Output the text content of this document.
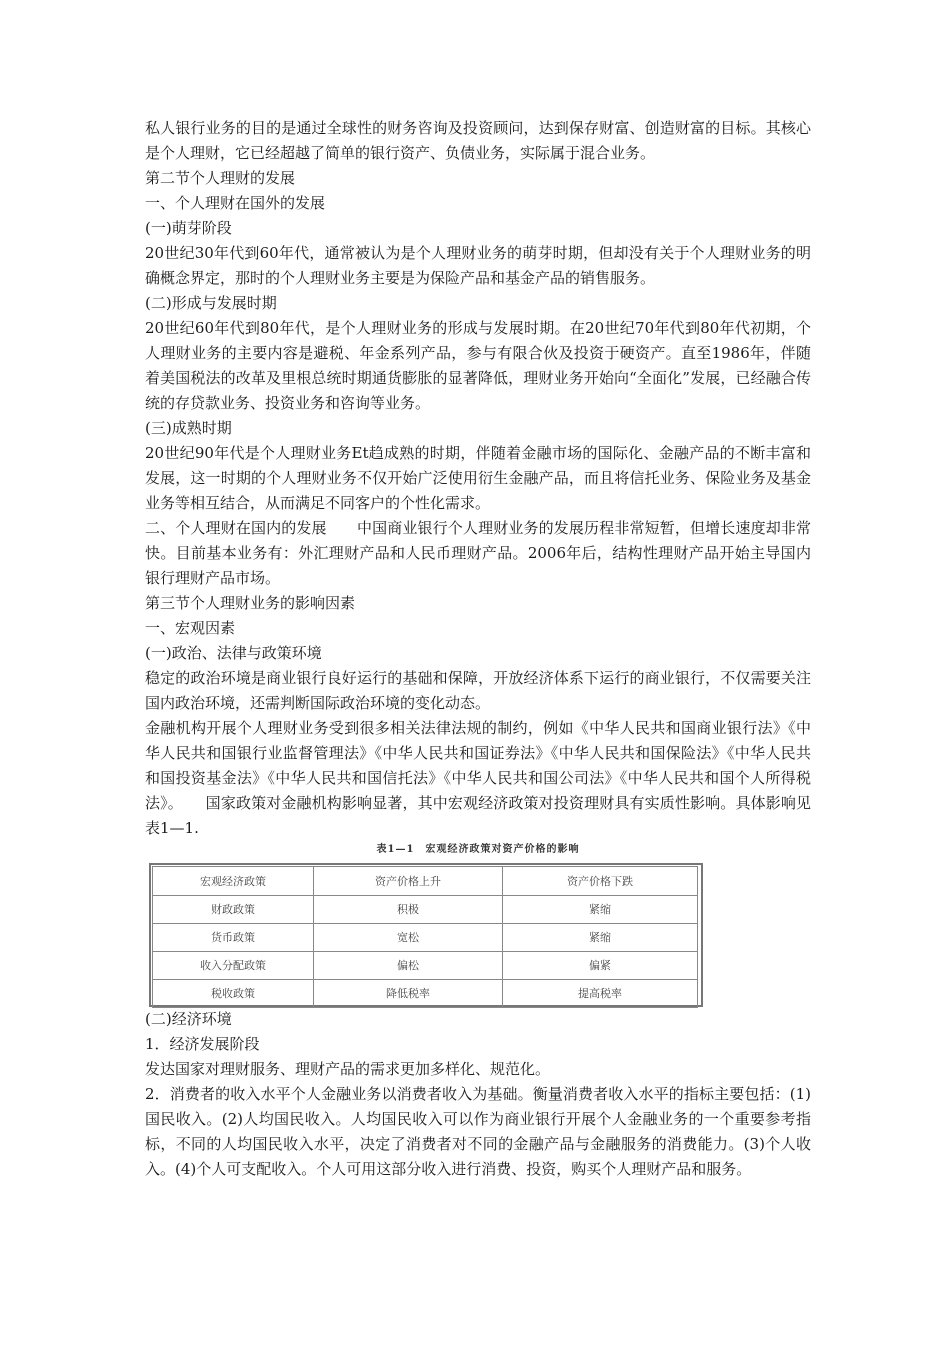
私人银行业务的目的是通过全球性的财务咨询及投资顾问，达到保存财富、创造财富的目标。其核心是个人理财，它已经超越了简单的银行资产、负债业务，实际属于混合业务。

第二节个人理财的发展

一、个人理财在国外的发展

(一)萌芽阶段

20世纪30年代到60年代，通常被认为是个人理财业务的萌芽时期，但却没有关于个人理财业务的明确概念界定，那时的个人理财业务主要是为保险产品和基金产品的销售服务。

(二)形成与发展时期

20世纪60年代到80年代，是个人理财业务的形成与发展时期。在20世纪70年代到80年代初期，个人理财业务的主要内容是避税、年金系列产品，参与有限合伙及投资于硬资产。直至1986年，伴随着美国税法的改革及里根总统时期通货膨胀的显著降低，理财业务开始向“全面化”发展，已经融合传统的存贷款业务、投资业务和咨询等业务。

(三)成熟时期

20世纪90年代是个人理财业务Et趋成熟的时期，伴随着金融市场的国际化、金融产品的不断丰富和发展，这一时期的个人理财业务不仅开始广泛使用衍生金融产品，而且将信托业务、保险业务及基金业务等相互结合，从而满足不同客户的个性化需求。

二、个人理财在国内的发展　　中国商业银行个人理财业务的发展历程非常短暂，但增长速度却非常快。目前基本业务有：外汇理财产品和人民币理财产品。2006年后，结构性理财产品开始主导国内银行理财产品市场。

第三节个人理财业务的影响因素

一、宏观因素

(一)政治、法律与政策环境

稳定的政治环境是商业银行良好运行的基础和保障，开放经济体系下运行的商业银行，不仅需要关注国内政治环境，还需判断国际政治环境的变化动态。

金融机构开展个人理财业务受到很多相关法律法规的制约，例如《中华人民共和国商业银行法》《中华人民共和国银行业监督管理法》《中华人民共和国证券法》《中华人民共和国保险法》《中华人民共和国投资基金法》《中华人民共和国信托法》《中华人民共和国公司法》《中华人民共和国个人所得税法》。　　国家政策对金融机构影响显著，其中宏观经济政策对投资理财具有实质性影响。具体影响见表1—1.

表1—1　宏观经济政策对资产价格的影响
宏观经济政策	资产价格上升	资产价格下跌
财政政策	积极	紧缩
货币政策	宽松	紧缩
收入分配政策	偏松	偏紧
税收政策	降低税率	提高税率

(二)经济环境

1．经济发展阶段

发达国家对理财服务、理财产品的需求更加多样化、规范化。

2．消费者的收入水平个人金融业务以消费者收入为基础。衡量消费者收入水平的指标主要包括：(1)国民收入。(2)人均国民收入。人均国民收入可以作为商业银行开展个人金融业务的一个重要参考指标，不同的人均国民收入水平，决定了消费者对不同的金融产品与金融服务的消费能力。(3)个人收入。(4)个人可支配收入。个人可用这部分收入进行消费、投资，购买个人理财产品和服务。
